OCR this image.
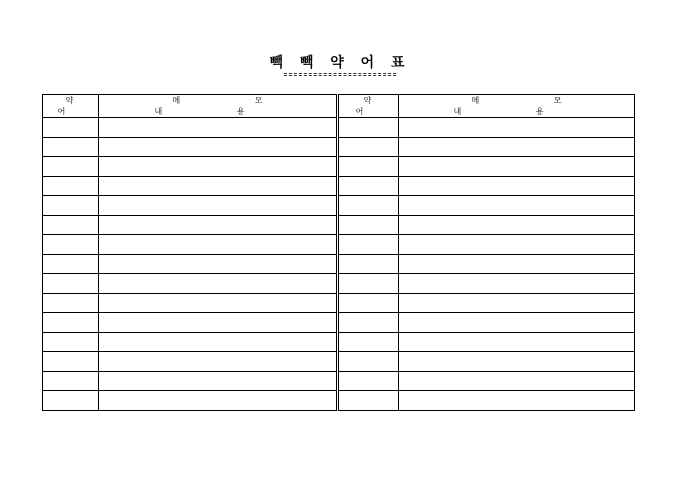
빽 빽 약 어 표
약 어	메 모 내 용	약 어	메 모 내 용
